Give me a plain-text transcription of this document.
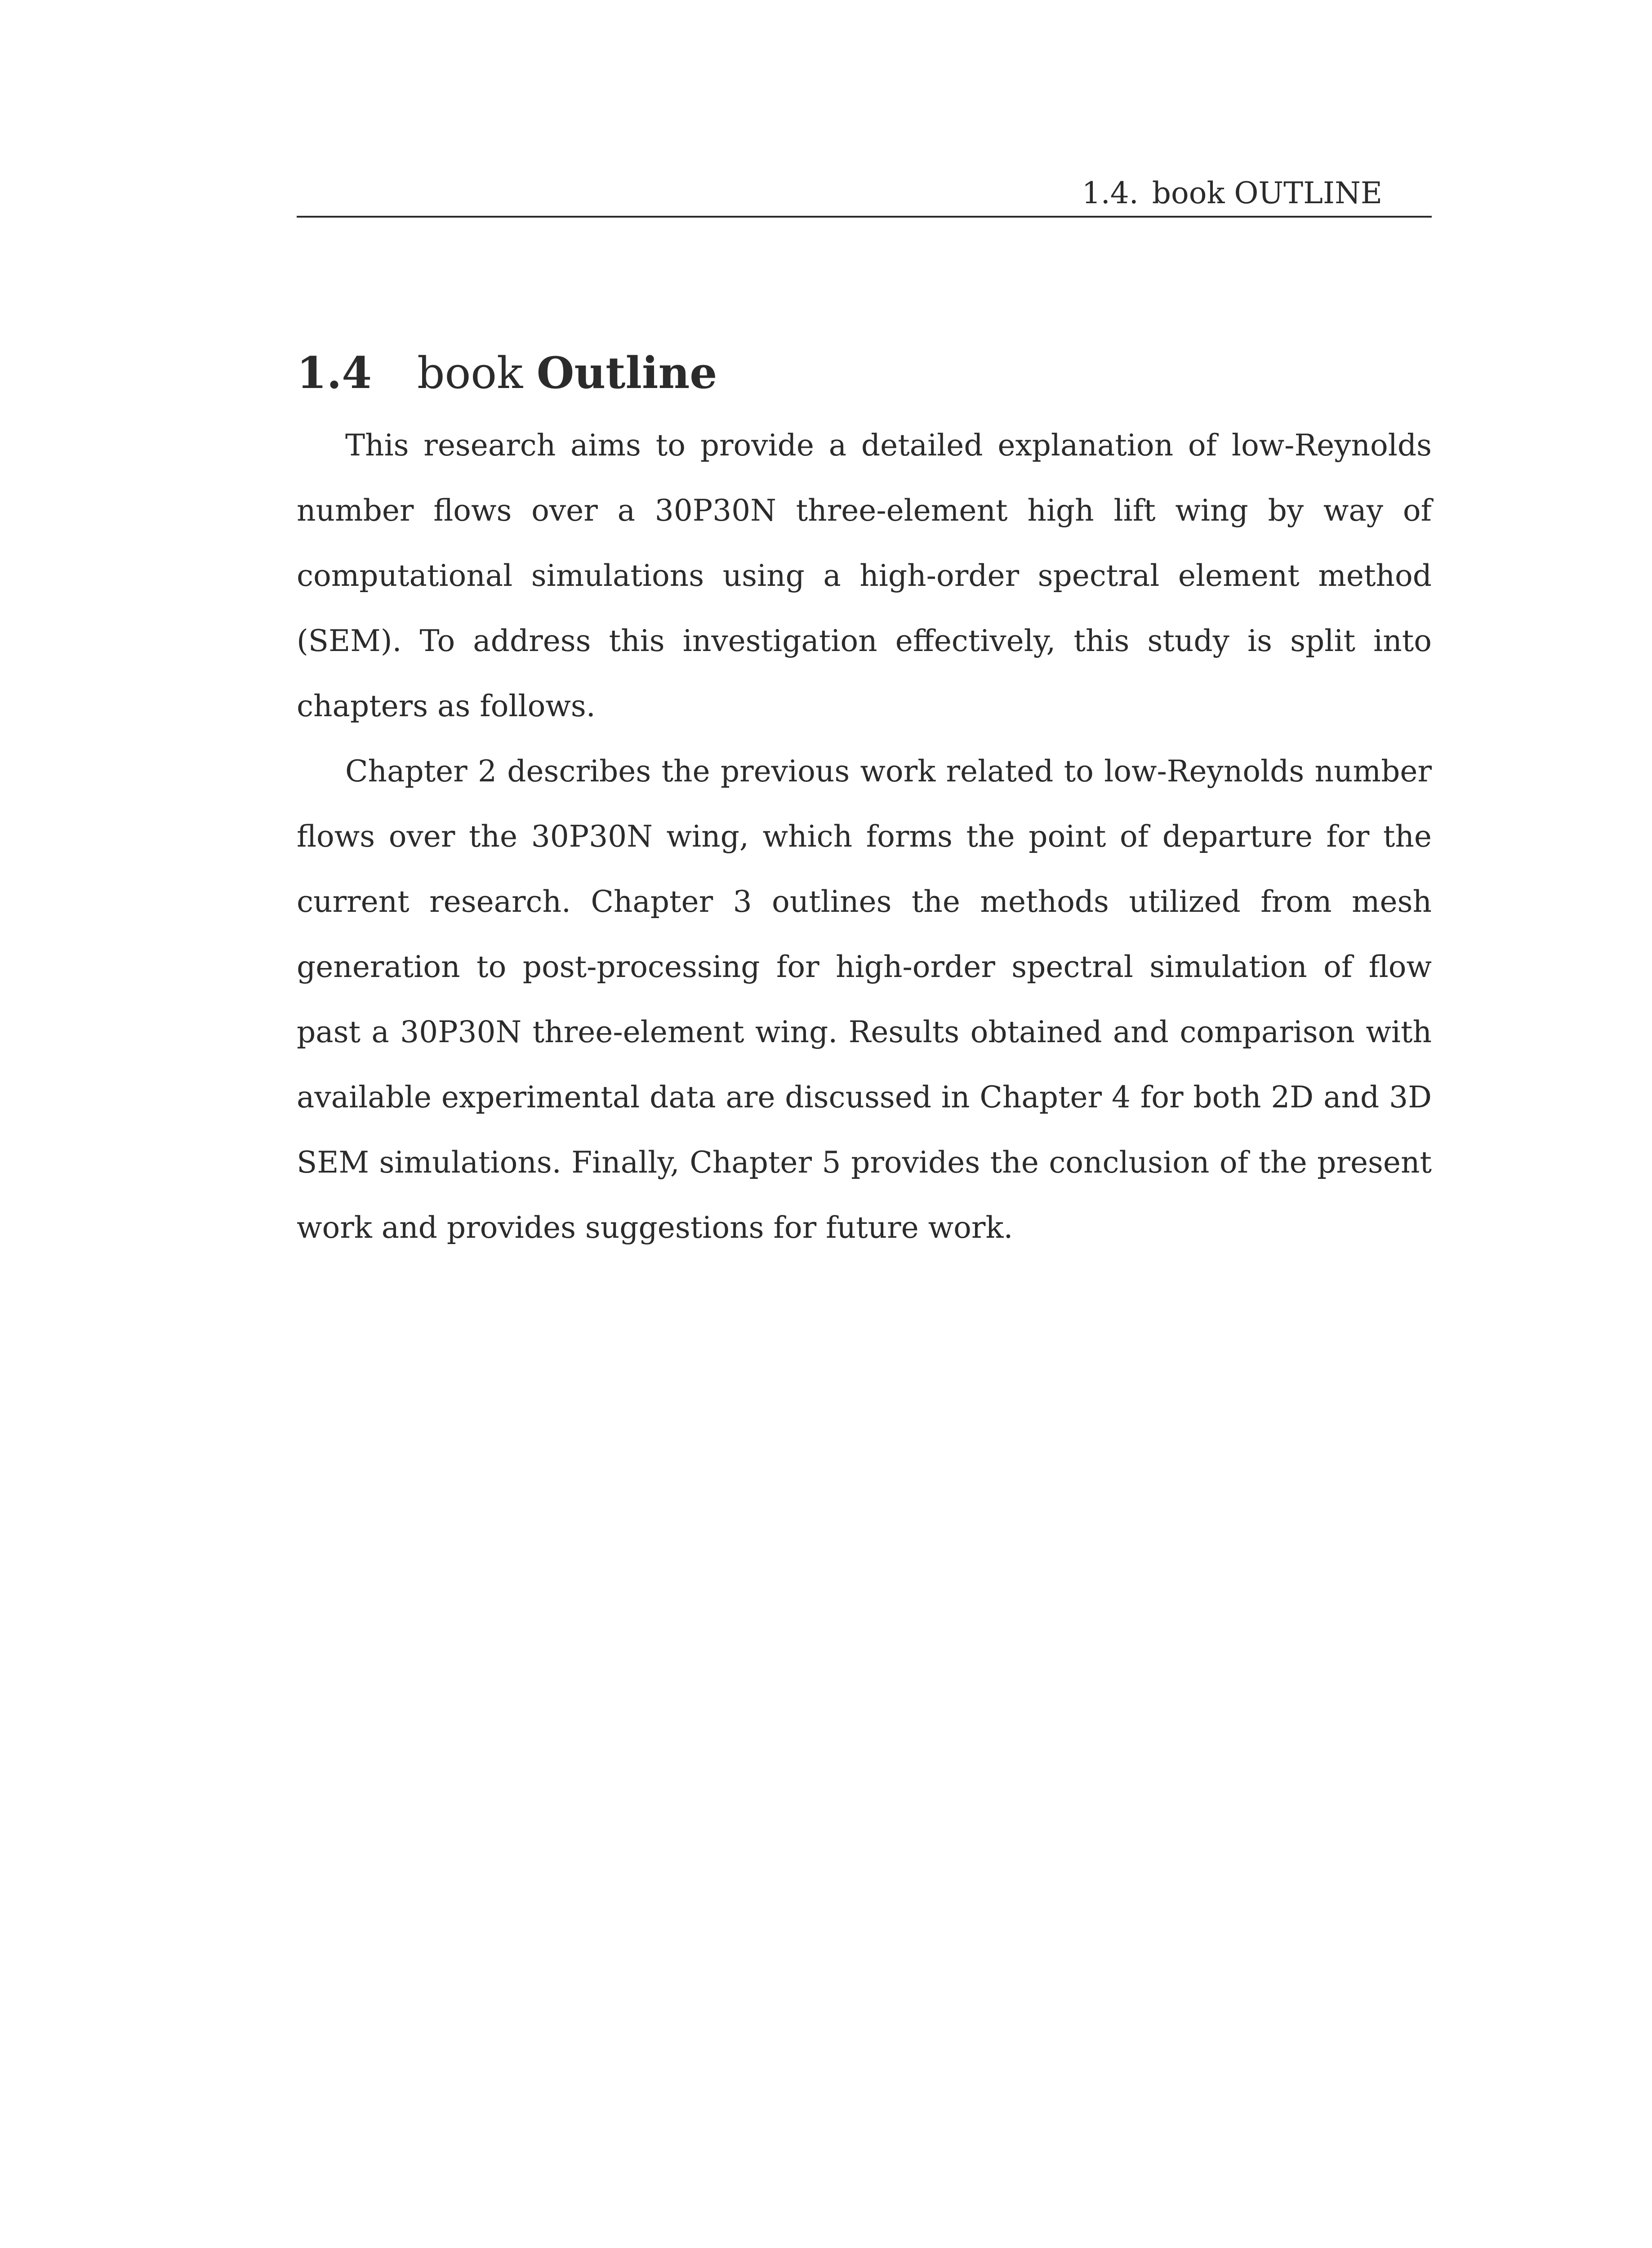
1.4. book OUTLINE
1.4 book Outline

This research aims to provide a detailed explanation of low-Reynolds number flows over a 30P30N three-element high lift wing by way of computational simulations using a high-order spectral element method (SEM). To address this investigation effectively, this study is split into chapters as follows.

Chapter 2 describes the previous work related to low-Reynolds number flows over the 30P30N wing, which forms the point of departure for the current research. Chapter 3 outlines the methods utilized from mesh generation to post-processing for high-order spectral simulation of flow past a 30P30N three-element wing. Results obtained and comparison with available experimental data are discussed in Chapter 4 for both 2D and 3D SEM simulations. Finally, Chapter 5 provides the conclusion of the present work and provides suggestions for future work.
